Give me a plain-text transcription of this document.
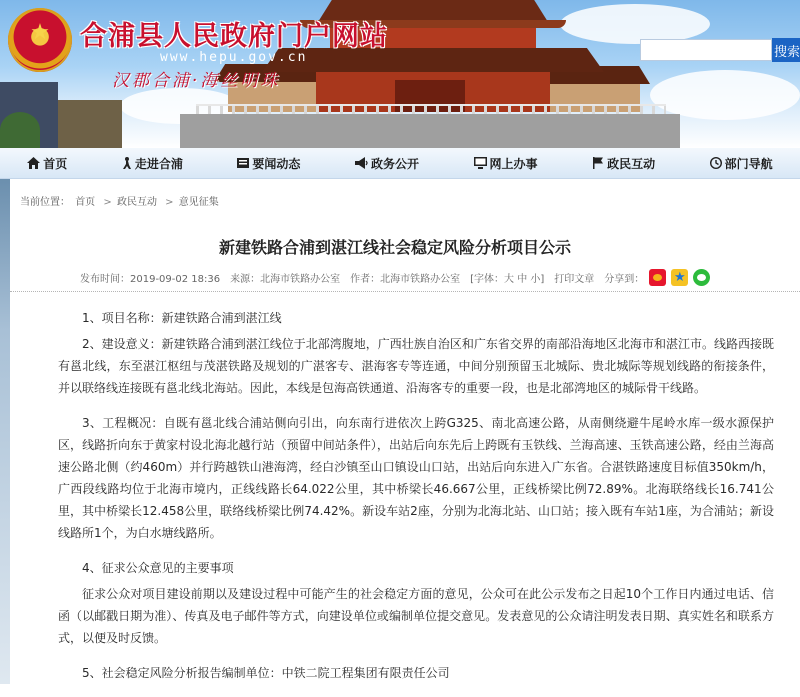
★
合浦县人民政府门户网站
www.hepu.gov.cn
汉郡合浦·海丝明珠
搜索
首页	走进合浦	要闻动态	政务公开	网上办事	政民互动	部门导航
当前位置： 首页 > 政民互动 > 意见征集
新建铁路合浦到湛江线社会稳定风险分析项目公示
发布时间：2019-09-02 18:36 来源：北海市铁路办公室 作者：北海市铁路办公室 [字体：大 中 小] 打印文章 分享到：
★

1、项目名称：新建铁路合浦到湛江线

2、建设意义：新建铁路合浦到湛江线位于北部湾腹地，广西壮族自治区和广东省交界的南部沿海地区北海市和湛江市。线路西接既有邕北线，东至湛江枢纽与茂湛铁路及规划的广湛客专、湛海客专等连通，中间分别预留玉北城际、贵北城际等规划线路的衔接条件，并以联络线连接既有邕北线北海站。因此，本线是包海高铁通道、沿海客专的重要一段，也是北部湾地区的城际骨干线路。

3、工程概况：自既有邕北线合浦站侧向引出，向东南行进依次上跨G325、南北高速公路，从南侧绕避牛尾岭水库一级水源保护区，线路折向东于黄家村设北海北越行站（预留中间站条件），出站后向东先后上跨既有玉铁线、兰海高速、玉铁高速公路，经由兰海高速公路北侧（约460m）并行跨越铁山港海湾，经白沙镇至山口镇设山口站，出站后向东进入广东省。合湛铁路速度目标值350km/h，广西段线路均位于北海市境内，正线线路长64.022公里，其中桥梁长46.667公里，正线桥梁比例72.89%。北海联络线长16.741公里，其中桥梁长12.458公里，联络线桥梁比例74.42%。新设车站2座，分别为北海北站、山口站；接入既有车站1座，为合浦站；新设线路所1个，为白水塘线路所。

4、征求公众意见的主要事项

征求公众对项目建设前期以及建设过程中可能产生的社会稳定方面的意见，公众可在此公示发布之日起10个工作日内通过电话、信函（以邮戳日期为准）、传真及电子邮件等方式，向建设单位或编制单位提交意见。发表意见的公众请注明发表日期、真实姓名和联系方式，以便及时反馈。

5、社会稳定风险分析报告编制单位：中铁二院工程集团有限责任公司
